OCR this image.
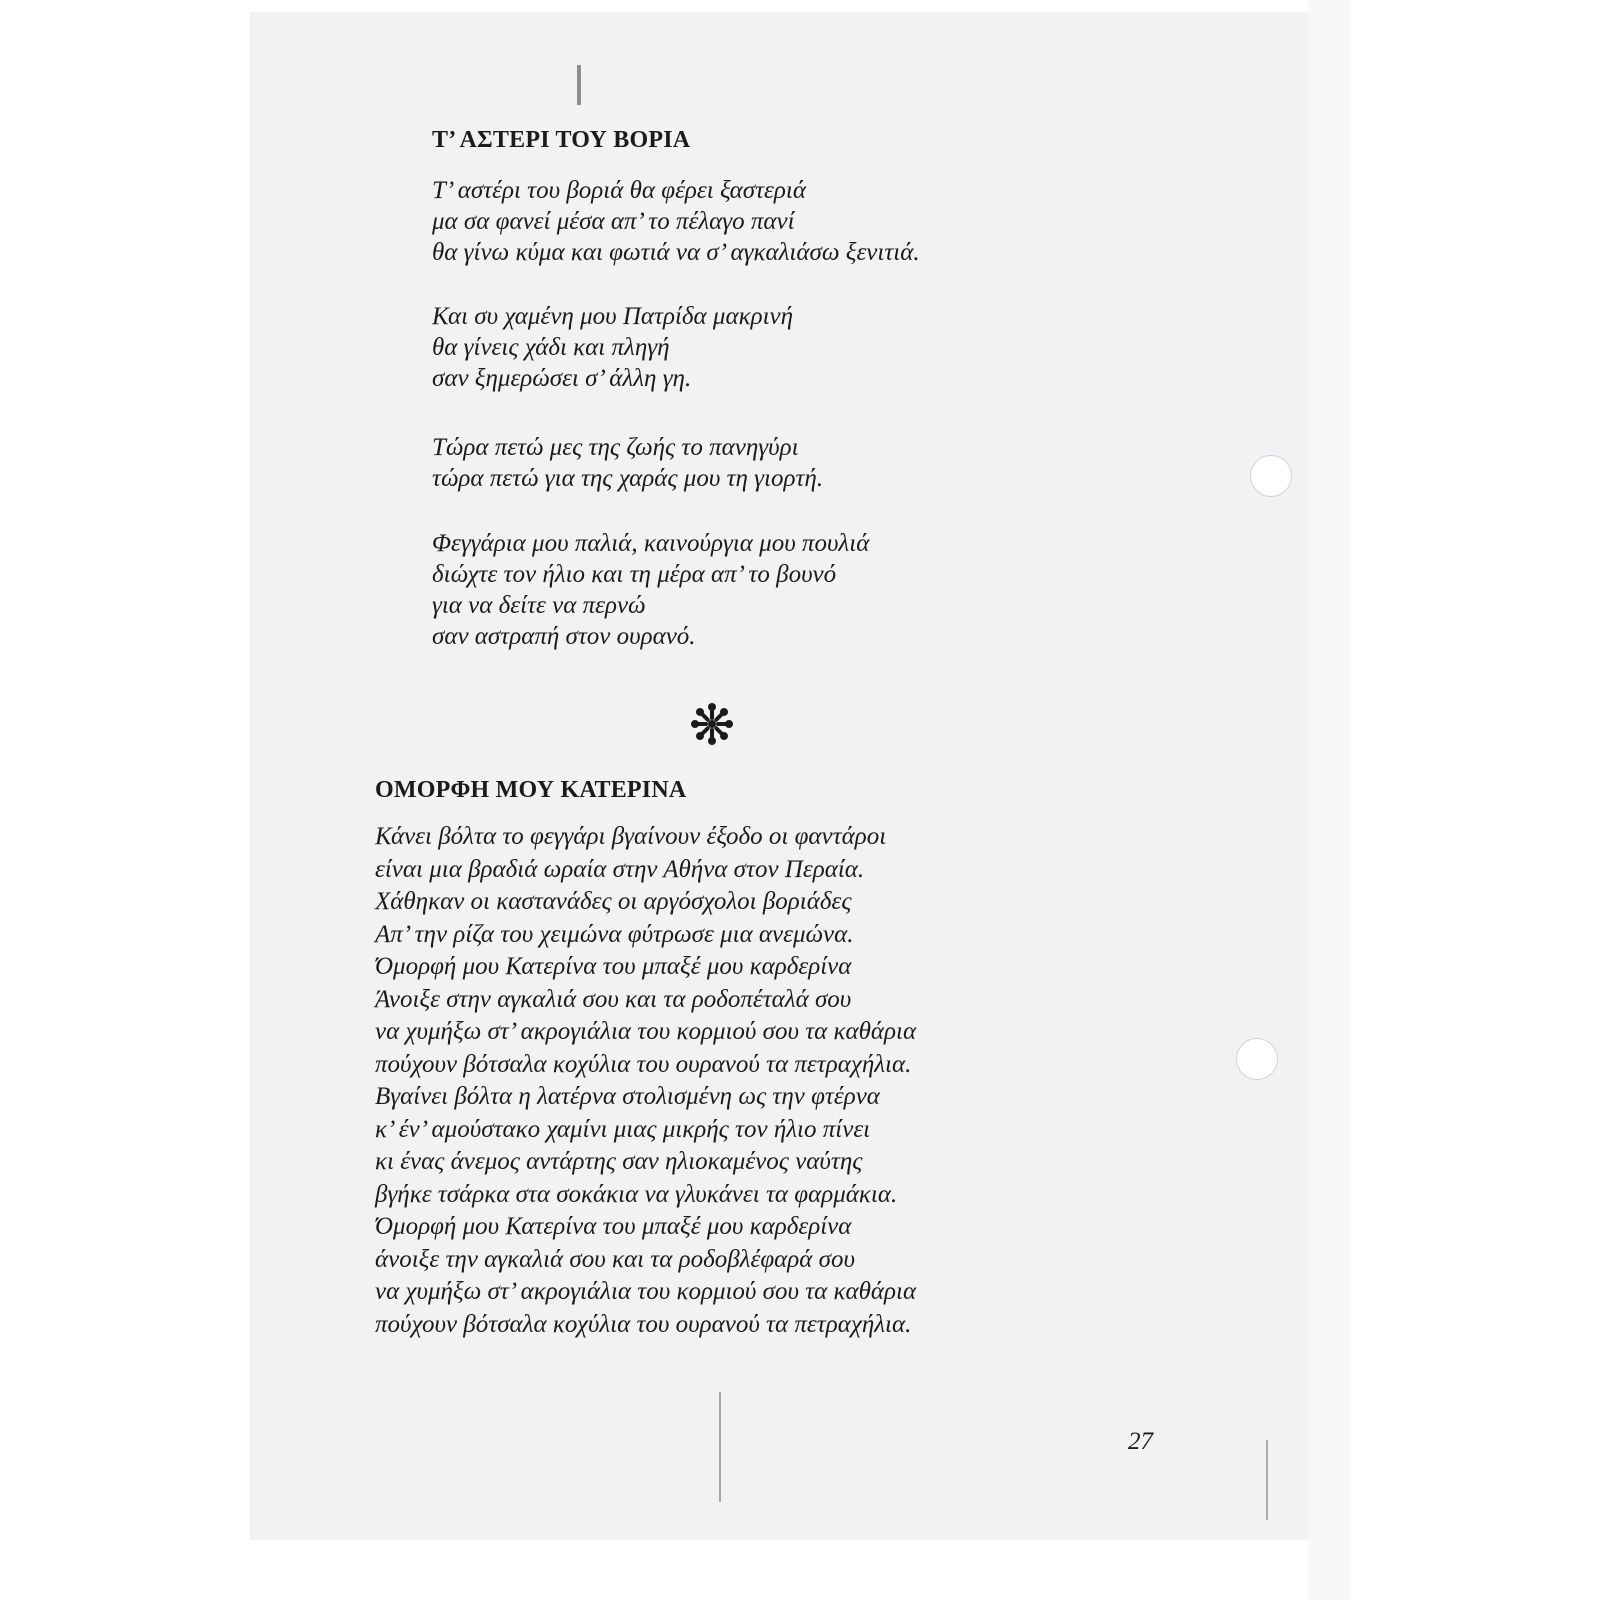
Τ’ ΑΣΤΕΡΙ ΤΟΥ ΒΟΡΙΑ

Τ’ αστέρι του βοριά θα φέρει ξαστεριά
μα σα φανεί μέσα απ’ το πέλαγο πανί
θα γίνω κύμα και φωτιά να σ’ αγκαλιάσω ξενιτιά.

Και συ χαμένη μου Πατρίδα μακρινή
θα γίνεις χάδι και πληγή
σαν ξημερώσει σ’ άλλη γη.

Τώρα πετώ μες της ζωής το πανηγύρι
τώρα πετώ για της χαράς μου τη γιορτή.

Φεγγάρια μου παλιά, καινούργια μου πουλιά
διώχτε τον ήλιο και τη μέρα απ’ το βουνό
για να δείτε να περνώ
σαν αστραπή στον ουρανό.

ΟΜΟΡΦΗ ΜΟΥ ΚΑΤΕΡΙΝΑ

Κάνει βόλτα το φεγγάρι βγαίνουν έξοδο οι φαντάροι
είναι μια βραδιά ωραία στην Αθήνα στον Περαία.
Χάθηκαν οι καστανάδες οι αργόσχολοι βοριάδες
Απ’ την ρίζα του χειμώνα φύτρωσε μια ανεμώνα.
Όμορφή μου Κατερίνα του μπαξέ μου καρδερίνα
Άνοιξε στην αγκαλιά σου και τα ροδοπέταλά σου
να χυμήξω στ’ ακρογιάλια του κορμιού σου τα καθάρια
πούχουν βότσαλα κοχύλια του ουρανού τα πετραχήλια.
Βγαίνει βόλτα η λατέρνα στολισμένη ως την φτέρνα
κ’ έν’ αμούστακο χαμίνι μιας μικρής τον ήλιο πίνει
κι ένας άνεμος αντάρτης σαν ηλιοκαμένος ναύτης
βγήκε τσάρκα στα σοκάκια να γλυκάνει τα φαρμάκια.
Όμορφή μου Κατερίνα του μπαξέ μου καρδερίνα
άνοιξε την αγκαλιά σου και τα ροδοβλέφαρά σου
να χυμήξω στ’ ακρογιάλια του κορμιού σου τα καθάρια
πούχουν βότσαλα κοχύλια του ουρανού τα πετραχήλια.

27
